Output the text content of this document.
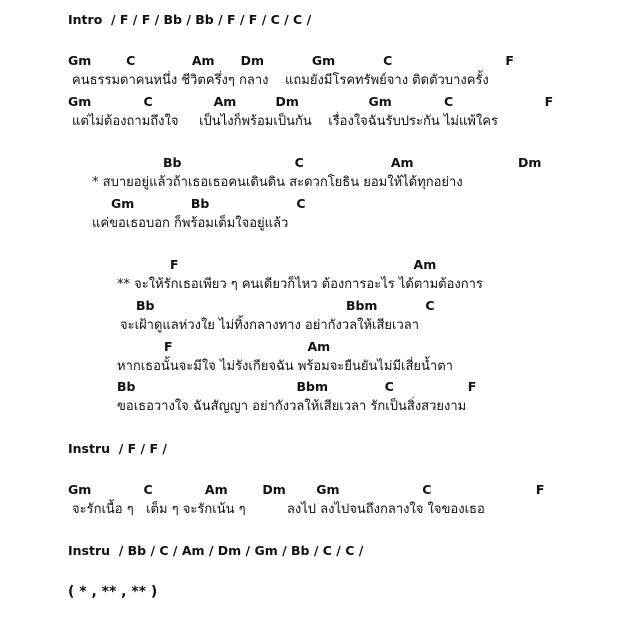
Intro  / F / F / Bb / Bb / F / F / C / C /
Gm        C             Am      Dm           Gm           C                          F
คนธรรมดาคนหนึ่ง ชีวิตครึ่งๆ กลาง    แถมยังมีโรคทรัพย์จาง ติดตัวบางครั้ง
Gm            C              Am         Dm                Gm            C                     F
แต่ไม่ต้องถามถึงใจ     เป็นไงก็พร้อมเป็นกัน    เรื่องใจฉันรับประกัน ไม่แพ้ใคร
Bb                          C                    Am                        Dm
* สบายอยู่แล้วถ้าเธอเธอคนเดินดิน สะดวกโยธิน ยอมให้ได้ทุกอย่าง
Gm             Bb                    C
แค่ขอเธอบอก ก็พร้อมเต็มใจอยู่แล้ว
F                                                      Am
** จะให้รักเธอเพียว ๆ คนเดียวก็ไหว ต้องการอะไร ได้ตามต้องการ
Bb                                            Bbm           C
จะเฝ้าดูแลห่วงใย ไม่ทิ้งกลางทาง อย่ากังวลให้เสียเวลา
F                               Am
หากเธอนั้นจะมีใจ ไม่รังเกียจฉัน พร้อมจะยืนยันไม่มีเสี่ยน้ำตา
Bb                                     Bbm             C                 F
ขอเธอวางใจ ฉันสัญญา อย่ากังวลให้เสียเวลา รักเป็นสิ่งสวยงาม
Instru  / F / F /
Gm            C            Am        Dm       Gm                   C                        F
จะรักเนื้อ ๆ   เต็ม ๆ จะรักเน้น ๆ          ลงไป ลงไปจนถึงกลางใจ ใจของเธอ
Instru  / Bb / C / Am / Dm / Gm / Bb / C / C /
( * , ** , ** )
